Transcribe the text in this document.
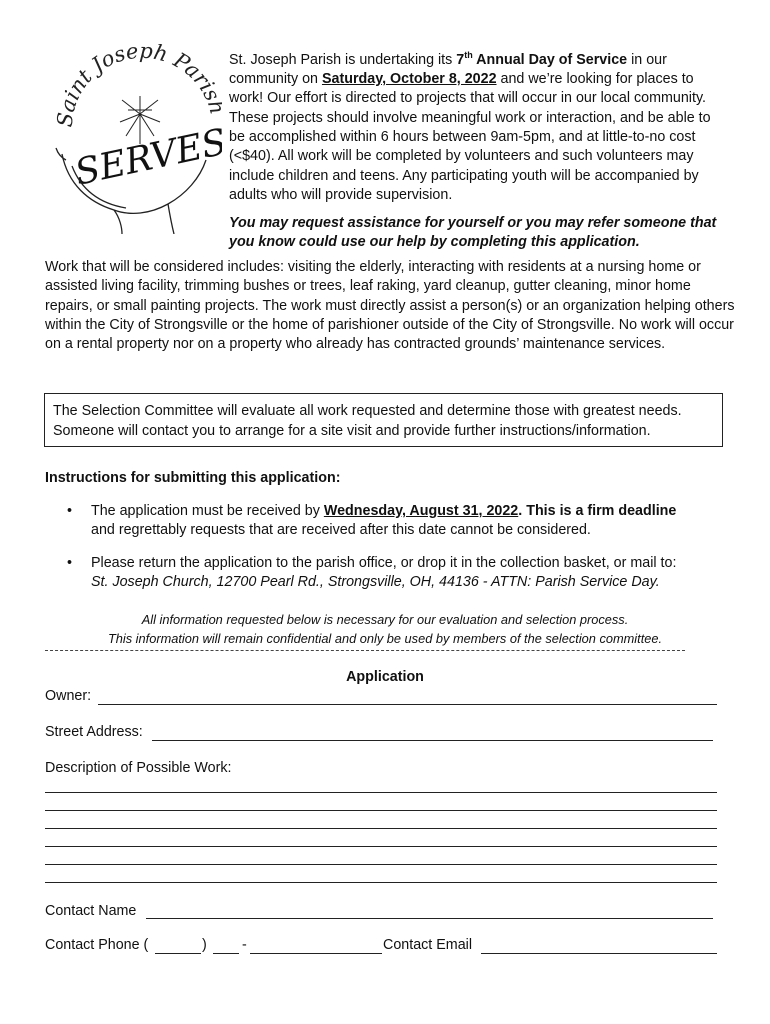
Saint Joseph Pari
SERVES

St. Joseph Parish is undertaking its 7th Annual Day of Service in our community on Saturday, October 8, 2022 and we’re looking for places to work! Our effort is directed to projects that will occur in our local community. These projects should involve meaningful work or interaction, and be able to be accomplished within 6 hours between 9am-5pm, and at little-to-no cost (<$40). All work will be completed by volunteers and such volunteers may include children and teens. Any participating youth will be accompanied by adults who will provide supervision.

You may request assistance for yourself or you may refer someone that you know could use our help by completing this application.

Work that will be considered includes: visiting the elderly, interacting with residents at a nursing home or assisted living facility, trimming bushes or trees, leaf raking, yard cleanup, gutter cleaning, minor home repairs, or small painting projects. The work must directly assist a person(s) or an organization helping others within the City of Strongsville or the home of parishioner outside of the City of Strongsville. No work will occur on a rental property nor on a property who already has contracted grounds’ maintenance services.

The Selection Committee will evaluate all work requested and determine those with greatest needs.

Someone will contact you to arrange for a site visit and provide further instructions/information.

Instructions for submitting this application:

• The application must be received by Wednesday, August 31, 2022. This is a firm deadline
and regrettably requests that are received after this date cannot be considered.
• Please return the application to the parish office, or drop it in the collection basket, or mail to:
St. Joseph Church, 12700 Pearl Rd., Strongsville, OH, 44136 - ATTN: Parish Service Day.
All information requested below is necessary for our evaluation and selection process.
This information will remain confidential and only be used by members of the selection committee.

Application

Owner:

Street Address:

Description of Possible Work:

Contact Name

Contact Phone (	) -	Contact Email
